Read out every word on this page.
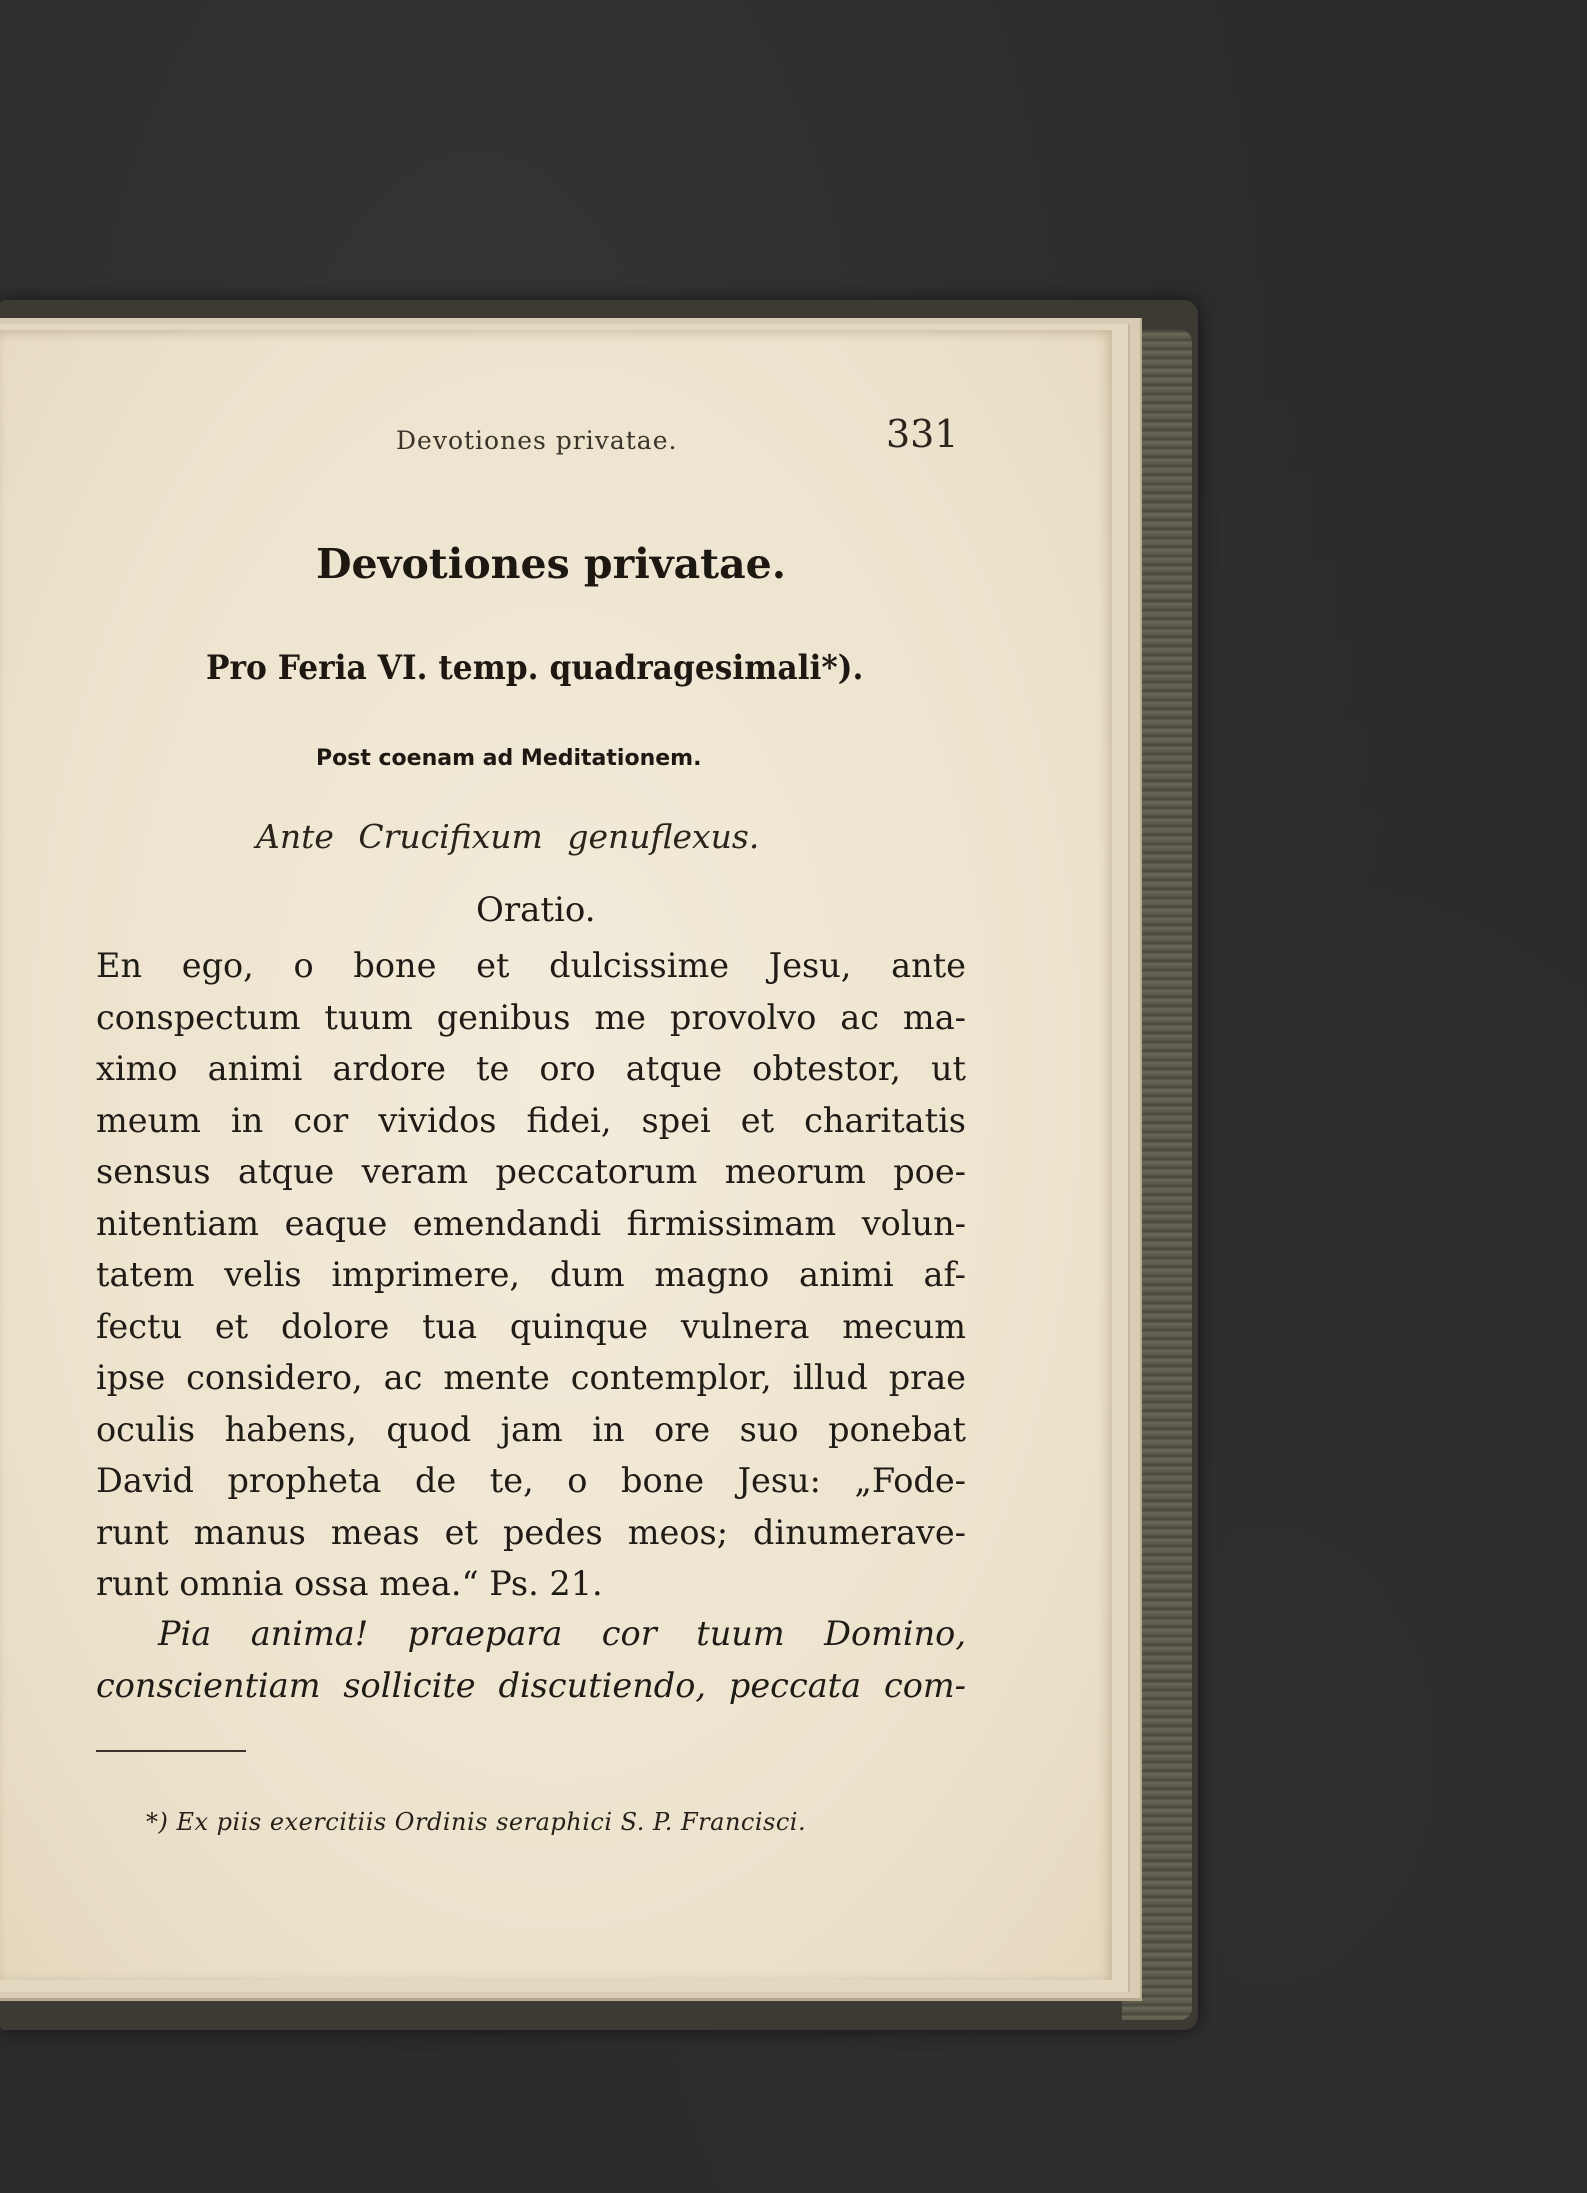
Devotiones privatae.	331
Devotiones privatae.
Pro Feria VI. temp. quadragesimali*).
Post coenam ad Meditationem.
Ante Crucifixum genuflexus.
Oratio.
En ego, o bone et dulcissime Jesu, ante
conspectum tuum genibus me provolvo ac ma-
ximo animi ardore te oro atque obtestor, ut
meum in cor vividos fidei, spei et charitatis
sensus atque veram peccatorum meorum poe-
nitentiam eaque emendandi firmissimam volun-
tatem velis imprimere, dum magno animi af-
fectu et dolore tua quinque vulnera mecum
ipse considero, ac mente contemplor, illud prae
oculis habens, quod jam in ore suo ponebat
David propheta de te, o bone Jesu: „Fode-
runt manus meas et pedes meos; dinumerave-
runt omnia ossa mea.“ Ps. 21.
Pia anima! praepara cor tuum Domino,
conscientiam sollicite discutiendo, peccata com-
*) Ex piis exercitiis Ordinis seraphici S. P. Francisci.
